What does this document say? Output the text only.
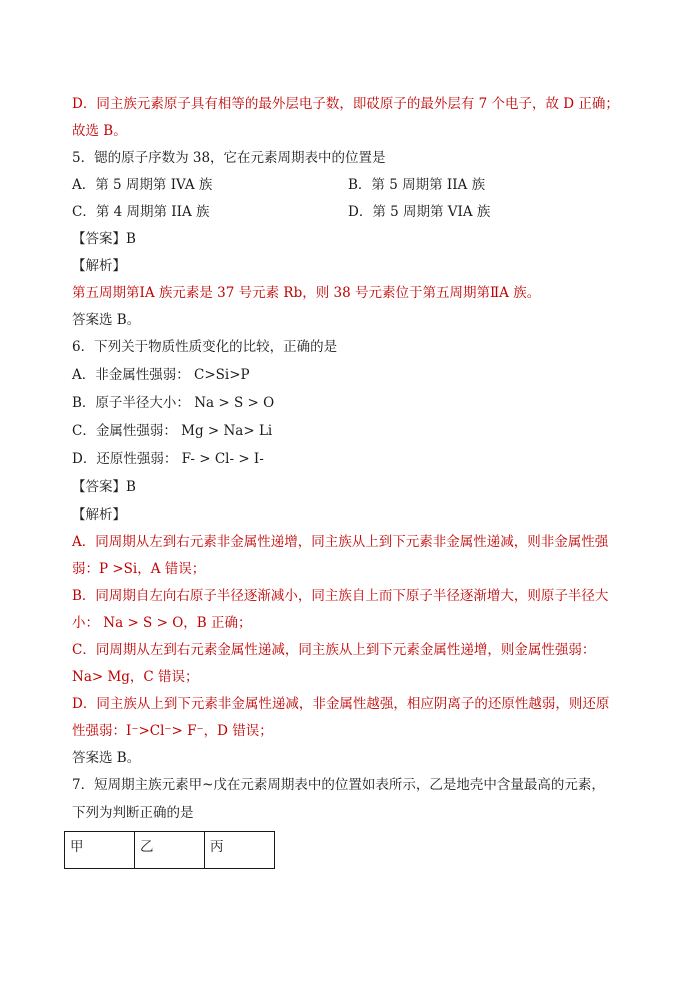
D．同主族元素原子具有相等的最外层电子数，即砹原子的最外层有 7 个电子，故 D 正确；
故选 B。
5．锶的原子序数为 38，它在元素周期表中的位置是
A．第 5 周期第 IVA 族	B．第 5 周期第 IIA 族
C．第 4 周期第 IIA 族	D．第 5 周期第 VIA 族
【答案】B
【解析】
第五周期第ⅠA 族元素是 37 号元素 Rb，则 38 号元素位于第五周期第ⅡA 族。
答案选 B。
6．下列关于物质性质变化的比较，正确的是
A．非金属性强弱： C>Si>P
B．原子半径大小： Na > S > O
C．金属性强弱： Mg > Na> Li
D．还原性强弱： F- > Cl- > I-
【答案】B
【解析】
A．同周期从左到右元素非金属性递增，同主族从上到下元素非金属性递减，则非金属性强
弱：P >Si，A 错误；
B．同周期自左向右原子半径逐渐减小，同主族自上而下原子半径逐渐增大，则原子半径大
小： Na > S > O，B 正确；
C．同周期从左到右元素金属性递减，同主族从上到下元素金属性递增，则金属性强弱：
Na> Mg，C 错误；
D．同主族从上到下元素非金属性递减，非金属性越强，相应阴离子的还原性越弱，则还原
性强弱：I⁻>Cl⁻> F⁻，D 错误；
答案选 B。
7．短周期主族元素甲~戊在元素周期表中的位置如表所示，乙是地壳中含量最高的元素，
下列为判断正确的是
甲	乙	丙
